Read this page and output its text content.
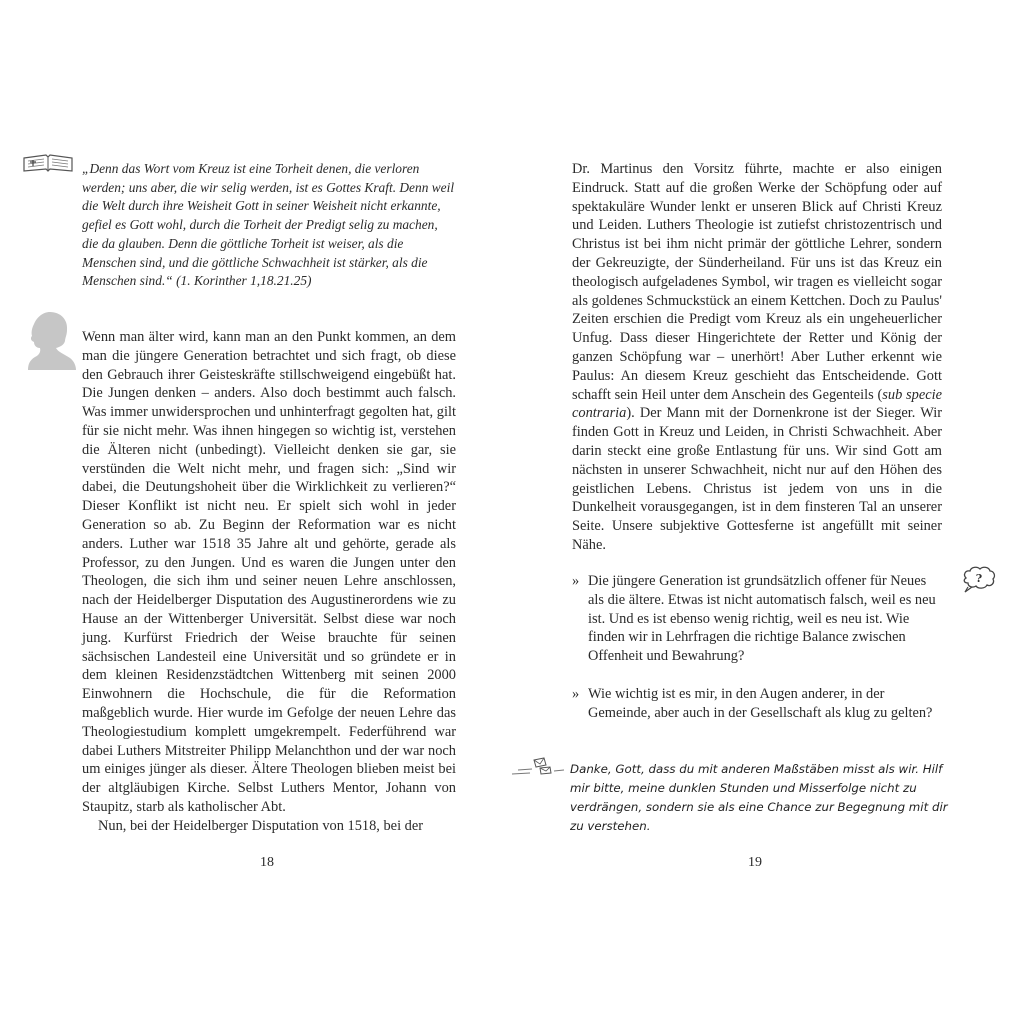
„Denn das Wort vom Kreuz ist eine Torheit denen, die verloren werden; uns aber, die wir selig werden, ist es Gottes Kraft. Denn weil die Welt durch ihre Weisheit Gott in seiner Weisheit nicht erkannte, gefiel es Gott wohl, durch die Torheit der Predigt selig zu machen, die da glauben. Denn die göttliche Torheit ist weiser, als die Menschen sind, und die göttliche Schwachheit ist stärker, als die Menschen sind.“ (1. Korinther 1,18.21.25)

Wenn man älter wird, kann man an den Punkt kommen, an dem man die jüngere Generation betrachtet und sich fragt, ob diese den Gebrauch ihrer Geisteskräfte stillschweigend eingebüßt hat. Die Jungen denken – anders. Also doch bestimmt auch falsch. Was immer unwidersprochen und unhinterfragt gegolten hat, gilt für sie nicht mehr. Was ihnen hingegen so wichtig ist, verstehen die Älteren nicht (unbedingt). Vielleicht denken sie gar, sie verstünden die Welt nicht mehr, und fragen sich: „Sind wir dabei, die Deutungshoheit über die Wirklichkeit zu verlieren?“ Dieser Konflikt ist nicht neu. Er spielt sich wohl in jeder Generation so ab. Zu Beginn der Reformation war es nicht anders. Luther war 1518 35 Jahre alt und gehörte, gerade als Professor, zu den Jungen. Und es waren die Jungen unter den Theologen, die sich ihm und seiner neuen Lehre anschlossen, nach der Heidelberger Disputation des Augustinerordens wie zu Hause an der Wittenberger Universität. Selbst diese war noch jung. Kurfürst Friedrich der Weise brauchte für seinen sächsischen Landesteil eine Universität und so gründete er in dem kleinen Residenzstädtchen Wittenberg mit seinen 2000 Einwohnern die Hochschule, die für die Reformation maßgeblich wurde. Hier wurde im Gefolge der neuen Lehre das Theologiestudium komplett umgekrempelt. Federführend war dabei Luthers Mitstreiter Philipp Melanchthon und der war noch um einiges jünger als dieser. Ältere Theologen blieben meist bei der altgläubigen Kirche. Selbst Luthers Mentor, Johann von Staupitz, starb als katholischer Abt.

Nun, bei der Heidelberger Disputation von 1518, bei der

18

Dr. Martinus den Vorsitz führte, machte er also einigen Eindruck. Statt auf die großen Werke der Schöpfung oder auf spektakuläre Wunder lenkt er unseren Blick auf Christi Kreuz und Leiden. Luthers Theologie ist zutiefst christozentrisch und Christus ist bei ihm nicht primär der göttliche Lehrer, sondern der Gekreuzigte, der Sünderheiland. Für uns ist das Kreuz ein theologisch aufgeladenes Symbol, wir tragen es vielleicht sogar als goldenes Schmuckstück an einem Kettchen. Doch zu Paulus' Zeiten erschien die Predigt vom Kreuz als ein ungeheuerlicher Unfug. Dass dieser Hingerichtete der Retter und König der ganzen Schöpfung war – unerhört! Aber Luther erkennt wie Paulus: An diesem Kreuz geschieht das Entscheidende. Gott schafft sein Heil unter dem Anschein des Gegenteils (sub specie contraria). Der Mann mit der Dornenkrone ist der Sieger. Wir finden Gott in Kreuz und Leiden, in Christi Schwachheit. Aber darin steckt eine große Entlastung für uns. Wir sind Gott am nächsten in unserer Schwachheit, nicht nur auf den Höhen des geistlichen Lebens. Christus ist jedem von uns in die Dunkelheit vorausgegangen, ist in dem finsteren Tal an unserer Seite. Unsere subjektive Gottesferne ist angefüllt mit seiner Nähe.

» Die jüngere Generation ist grundsätzlich offener für Neues als die ältere. Etwas ist nicht automatisch falsch, weil es neu ist. Und es ist ebenso wenig richtig, weil es neu ist. Wie finden wir in Lehrfragen die richtige Balance zwischen Offenheit und Bewahrung?
» Wie wichtig ist es mir, in den Augen anderer, in der Gemeinde, aber auch in der Gesellschaft als klug zu gelten?
?

Danke, Gott, dass du mit anderen Maßstäben misst als wir. Hilf mir bitte, meine dunklen Stunden und Misserfolge nicht zu verdrängen, sondern sie als eine Chance zur Begegnung mit dir zu verstehen.

19
